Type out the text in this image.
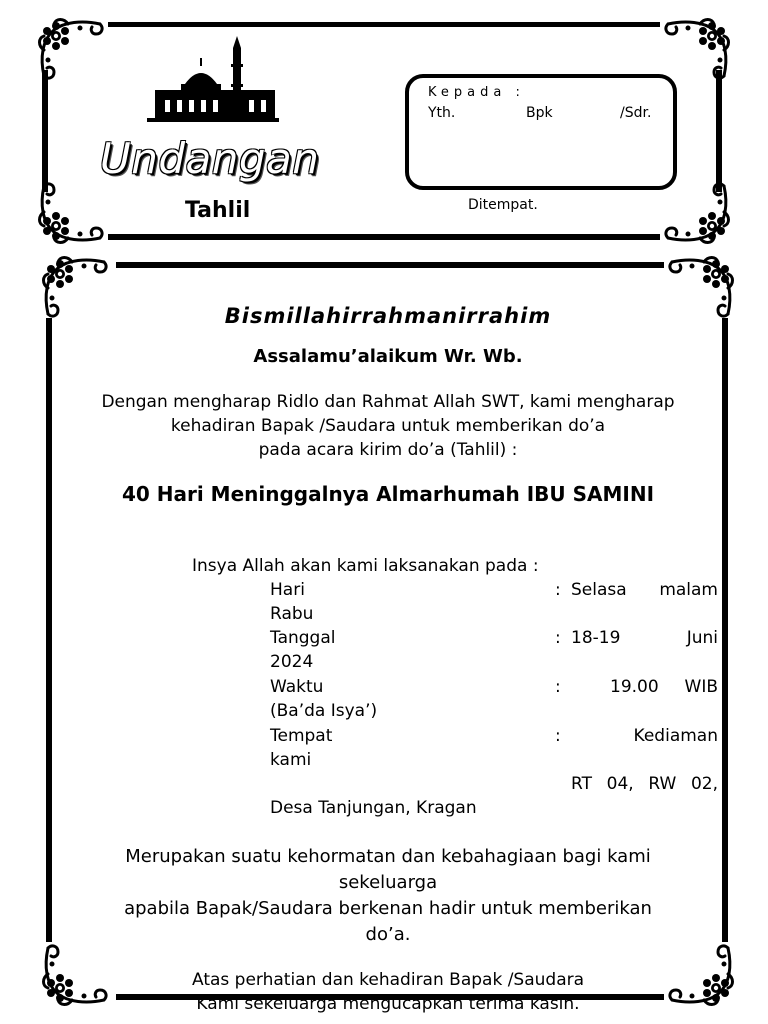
Undangan
Tahlil
Kepada :
Yth.	Bpk	/Sdr.
Ditempat.
Bismillahirrahmanirrahim
Assalamu’alaikum Wr. Wb.
Dengan mengharap Ridlo dan Rahmat Allah SWT, kami mengharap
kehadiran Bapak /Saudara untuk memberikan do’a
pada acara kirim do’a (Tahlil) :
40 Hari Meninggalnya Almarhumah IBU SAMINI
Insya Allah akan kami laksanakan pada :
Hari	: Selasa malam
Rabu
Tanggal	: 18-19 Juni
2024
Waktu	:	19.00 WIB
(Ba’da Isya’)
Tempat	:	Kediaman
kami
RT 04, RW 02,
Desa Tanjungan, Kragan
Merupakan suatu kehormatan dan kebahagiaan bagi kami
sekeluarga
apabila Bapak/Saudara berkenan hadir untuk memberikan
do’a.
Atas perhatian dan kehadiran Bapak /Saudara
Kami sekeluarga mengucapkan terima kasih.
